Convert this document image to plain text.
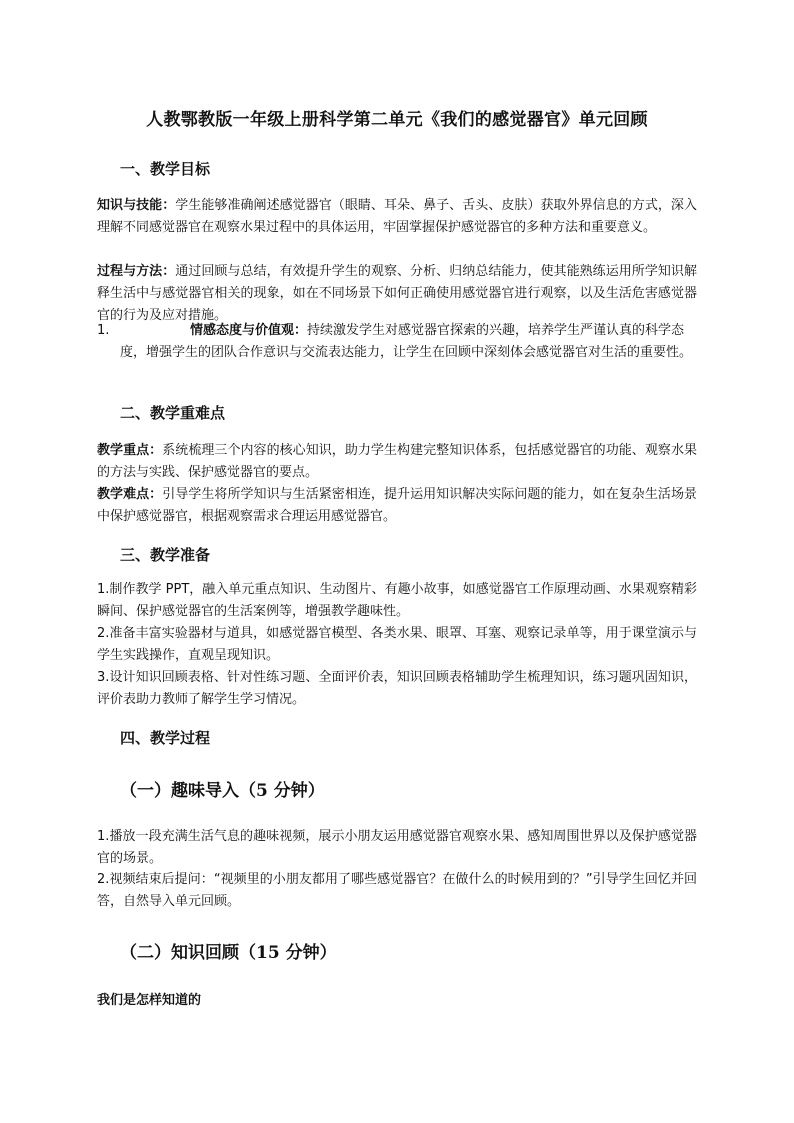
人教鄂教版一年级上册科学第二单元《我们的感觉器官》单元回顾
一、教学目标
知识与技能：学生能够准确阐述感觉器官（眼睛、耳朵、鼻子、舌头、皮肤）获取外界信息的方式，深入理解不同感觉器官在观察水果过程中的具体运用，牢固掌握保护感觉器官的多种方法和重要意义。
过程与方法：通过回顾与总结，有效提升学生的观察、分析、归纳总结能力，使其能熟练运用所学知识解释生活中与感觉器官相关的现象，如在不同场景下如何正确使用感觉器官进行观察，以及生活危害感觉器官的行为及应对措施。
1.	情感态度与价值观：持续激发学生对感觉器官探索的兴趣，培养学生严谨认真的科学态度，增强学生的团队合作意识与交流表达能力，让学生在回顾中深刻体会感觉器官对生活的重要性。
二、教学重难点
教学重点：系统梳理三个内容的核心知识，助力学生构建完整知识体系，包括感觉器官的功能、观察水果的方法与实践、保护感觉器官的要点。
教学难点：引导学生将所学知识与生活紧密相连，提升运用知识解决实际问题的能力，如在复杂生活场景中保护感觉器官，根据观察需求合理运用感觉器官。
三、教学准备
1.制作教学 PPT，融入单元重点知识、生动图片、有趣小故事，如感觉器官工作原理动画、水果观察精彩瞬间、保护感觉器官的生活案例等，增强教学趣味性。
2.准备丰富实验器材与道具，如感觉器官模型、各类水果、眼罩、耳塞、观察记录单等，用于课堂演示与学生实践操作，直观呈现知识。
3.设计知识回顾表格、针对性练习题、全面评价表，知识回顾表格辅助学生梳理知识，练习题巩固知识，评价表助力教师了解学生学习情况。
四、教学过程
（一）趣味导入（5 分钟）
1.播放一段充满生活气息的趣味视频，展示小朋友运用感觉器官观察水果、感知周围世界以及保护感觉器官的场景。
2.视频结束后提问：“视频里的小朋友都用了哪些感觉器官？在做什么的时候用到的？”引导学生回忆并回答，自然导入单元回顾。
（二）知识回顾（15 分钟）
我们是怎样知道的
